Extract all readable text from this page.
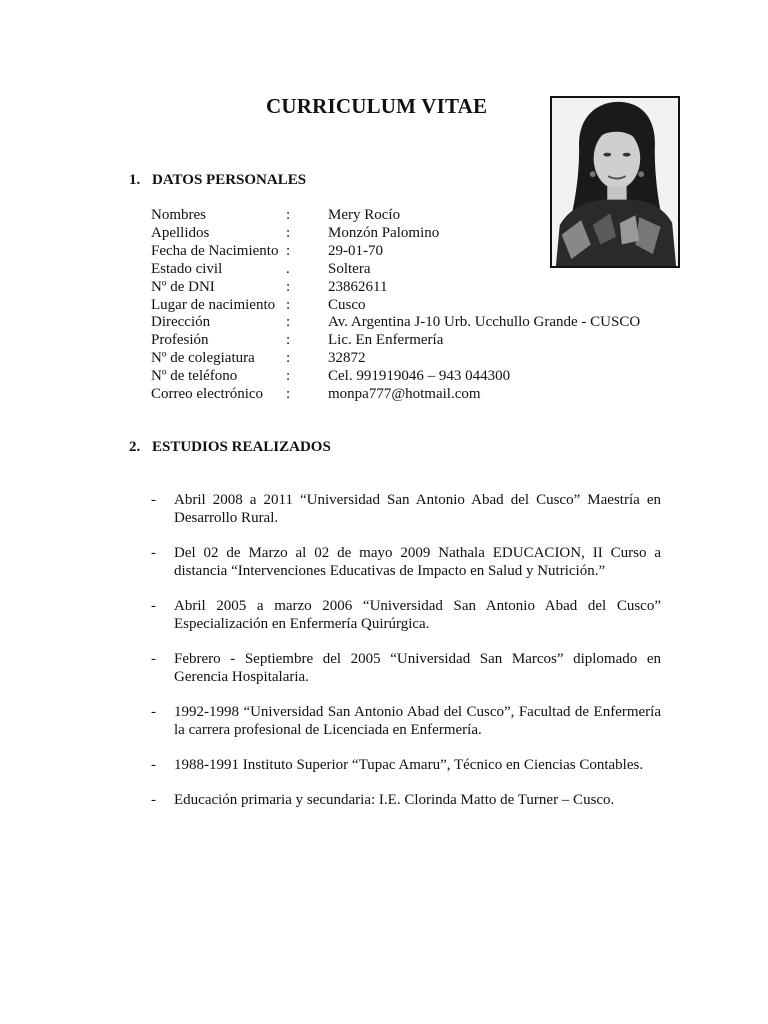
CURRICULUM VITAE
1. DATOS PERSONALES
Nombres	:	Mery Rocío
Apellidos	:	Monzón Palomino
Fecha de Nacimiento	:	29-01-70
Estado civil	.	Soltera
Nº de DNI	:	23862611
Lugar de nacimiento	:	Cusco
Dirección	:	Av. Argentina J-10 Urb. Ucchullo Grande - CUSCO
Profesión	:	Lic. En Enfermería
Nº de colegiatura	:	32872
Nº de teléfono	:	Cel. 991919046 – 943 044300
Correo electrónico	:	monpa777@hotmail.com
2. ESTUDIOS REALIZADOS
- Abril 2008 a 2011 “Universidad San Antonio Abad del Cusco” Maestría en Desarrollo Rural.
- Del 02 de Marzo al 02 de mayo 2009 Nathala EDUCACION, II Curso a distancia “Intervenciones Educativas de Impacto en Salud y Nutrición.”
- Abril 2005 a marzo 2006 “Universidad San Antonio Abad del Cusco” Especialización en Enfermería Quirúrgica.
- Febrero - Septiembre del 2005 “Universidad San Marcos” diplomado en Gerencia Hospitalaria.
- 1992-1998 “Universidad San Antonio Abad del Cusco”, Facultad de Enfermería la carrera profesional de Licenciada en Enfermería.
- 1988-1991 Instituto Superior “Tupac Amaru”, Técnico en Ciencias Contables.
- Educación primaria y secundaria: I.E. Clorinda Matto de Turner – Cusco.
